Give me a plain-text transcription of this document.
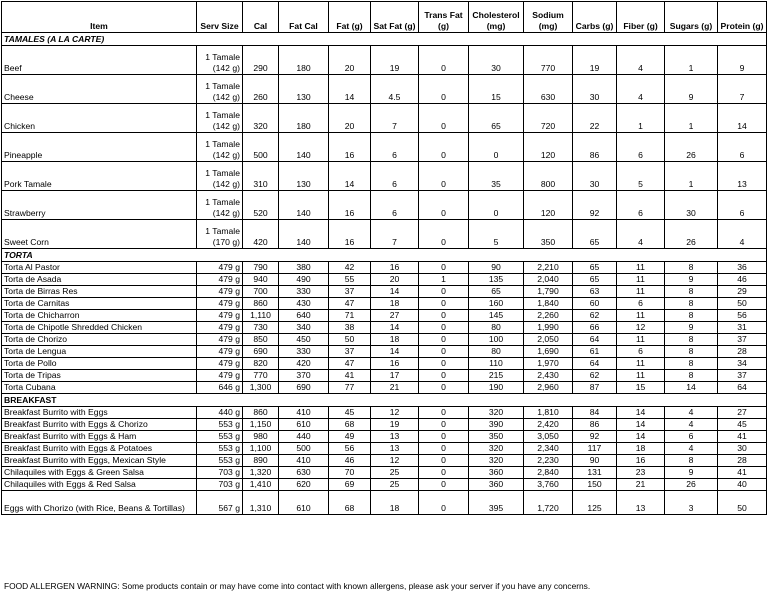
Item	Serv Size	Cal	Fat Cal	Fat (g)	Sat Fat (g)	Trans Fat (g)	Cholesterol (mg)	Sodium (mg)	Carbs (g)	Fiber (g)	Sugars (g)	Protein (g)
TAMALES (A LA CARTE)												
Beef	1 Tamale (142 g)	290	180	20	19	0	30	770	19	4	1	9
Cheese	1 Tamale (142 g)	260	130	14	4.5	0	15	630	30	4	9	7
Chicken	1 Tamale (142 g)	320	180	20	7	0	65	720	22	1	1	14
Pineapple	1 Tamale (142 g)	500	140	16	6	0	0	120	86	6	26	6
Pork Tamale	1 Tamale (142 g)	310	130	14	6	0	35	800	30	5	1	13
Strawberry	1 Tamale (142 g)	520	140	16	6	0	0	120	92	6	30	6
Sweet Corn	1 Tamale (170 g)	420	140	16	7	0	5	350	65	4	26	4
TORTA												
Torta Al Pastor	479 g	790	380	42	16	0	90	2,210	65	11	8	36
Torta de Asada	479 g	940	490	55	20	1	135	2,040	65	11	9	46
Torta de Birras Res	479 g	700	330	37	14	0	65	1,790	63	11	8	29
Torta de Carnitas	479 g	860	430	47	18	0	160	1,840	60	6	8	50
Torta de Chicharron	479 g	1,110	640	71	27	0	145	2,260	62	11	8	56
Torta de Chipotle Shredded Chicken	479 g	730	340	38	14	0	80	1,990	66	12	9	31
Torta de Chorizo	479 g	850	450	50	18	0	100	2,050	64	11	8	37
Torta de Lengua	479 g	690	330	37	14	0	80	1,690	61	6	8	28
Torta de Pollo	479 g	820	420	47	16	0	110	1,970	64	11	8	34
Torta de Tripas	479 g	770	370	41	17	0	215	2,430	62	11	8	37
Torta Cubana	646 g	1,300	690	77	21	0	190	2,960	87	15	14	64
BREAKFAST												
Breakfast Burrito with Eggs	440 g	860	410	45	12	0	320	1,810	84	14	4	27
Breakfast Burrito with Eggs & Chorizo	553 g	1,150	610	68	19	0	390	2,420	86	14	4	45
Breakfast Burrito with Eggs & Ham	553 g	980	440	49	13	0	350	3,050	92	14	6	41
Breakfast Burrito with Eggs & Potatoes	553 g	1,100	500	56	13	0	320	2,340	117	18	4	30
Breakfast Burrito with Eggs, Mexican Style	553 g	890	410	46	12	0	320	2,230	90	16	8	28
Chilaquiles with Eggs & Green Salsa	703 g	1,320	630	70	25	0	360	2,840	131	23	9	41
Chilaquiles with Eggs & Red Salsa	703 g	1,410	620	69	25	0	360	3,760	150	21	26	40
Eggs with Chorizo (with Rice, Beans & Tortillas)	567 g	1,310	610	68	18	0	395	1,720	125	13	3	50
FOOD ALLERGEN WARNING: Some products contain or may have come into contact with known allergens, please ask your server if you have any concerns.
